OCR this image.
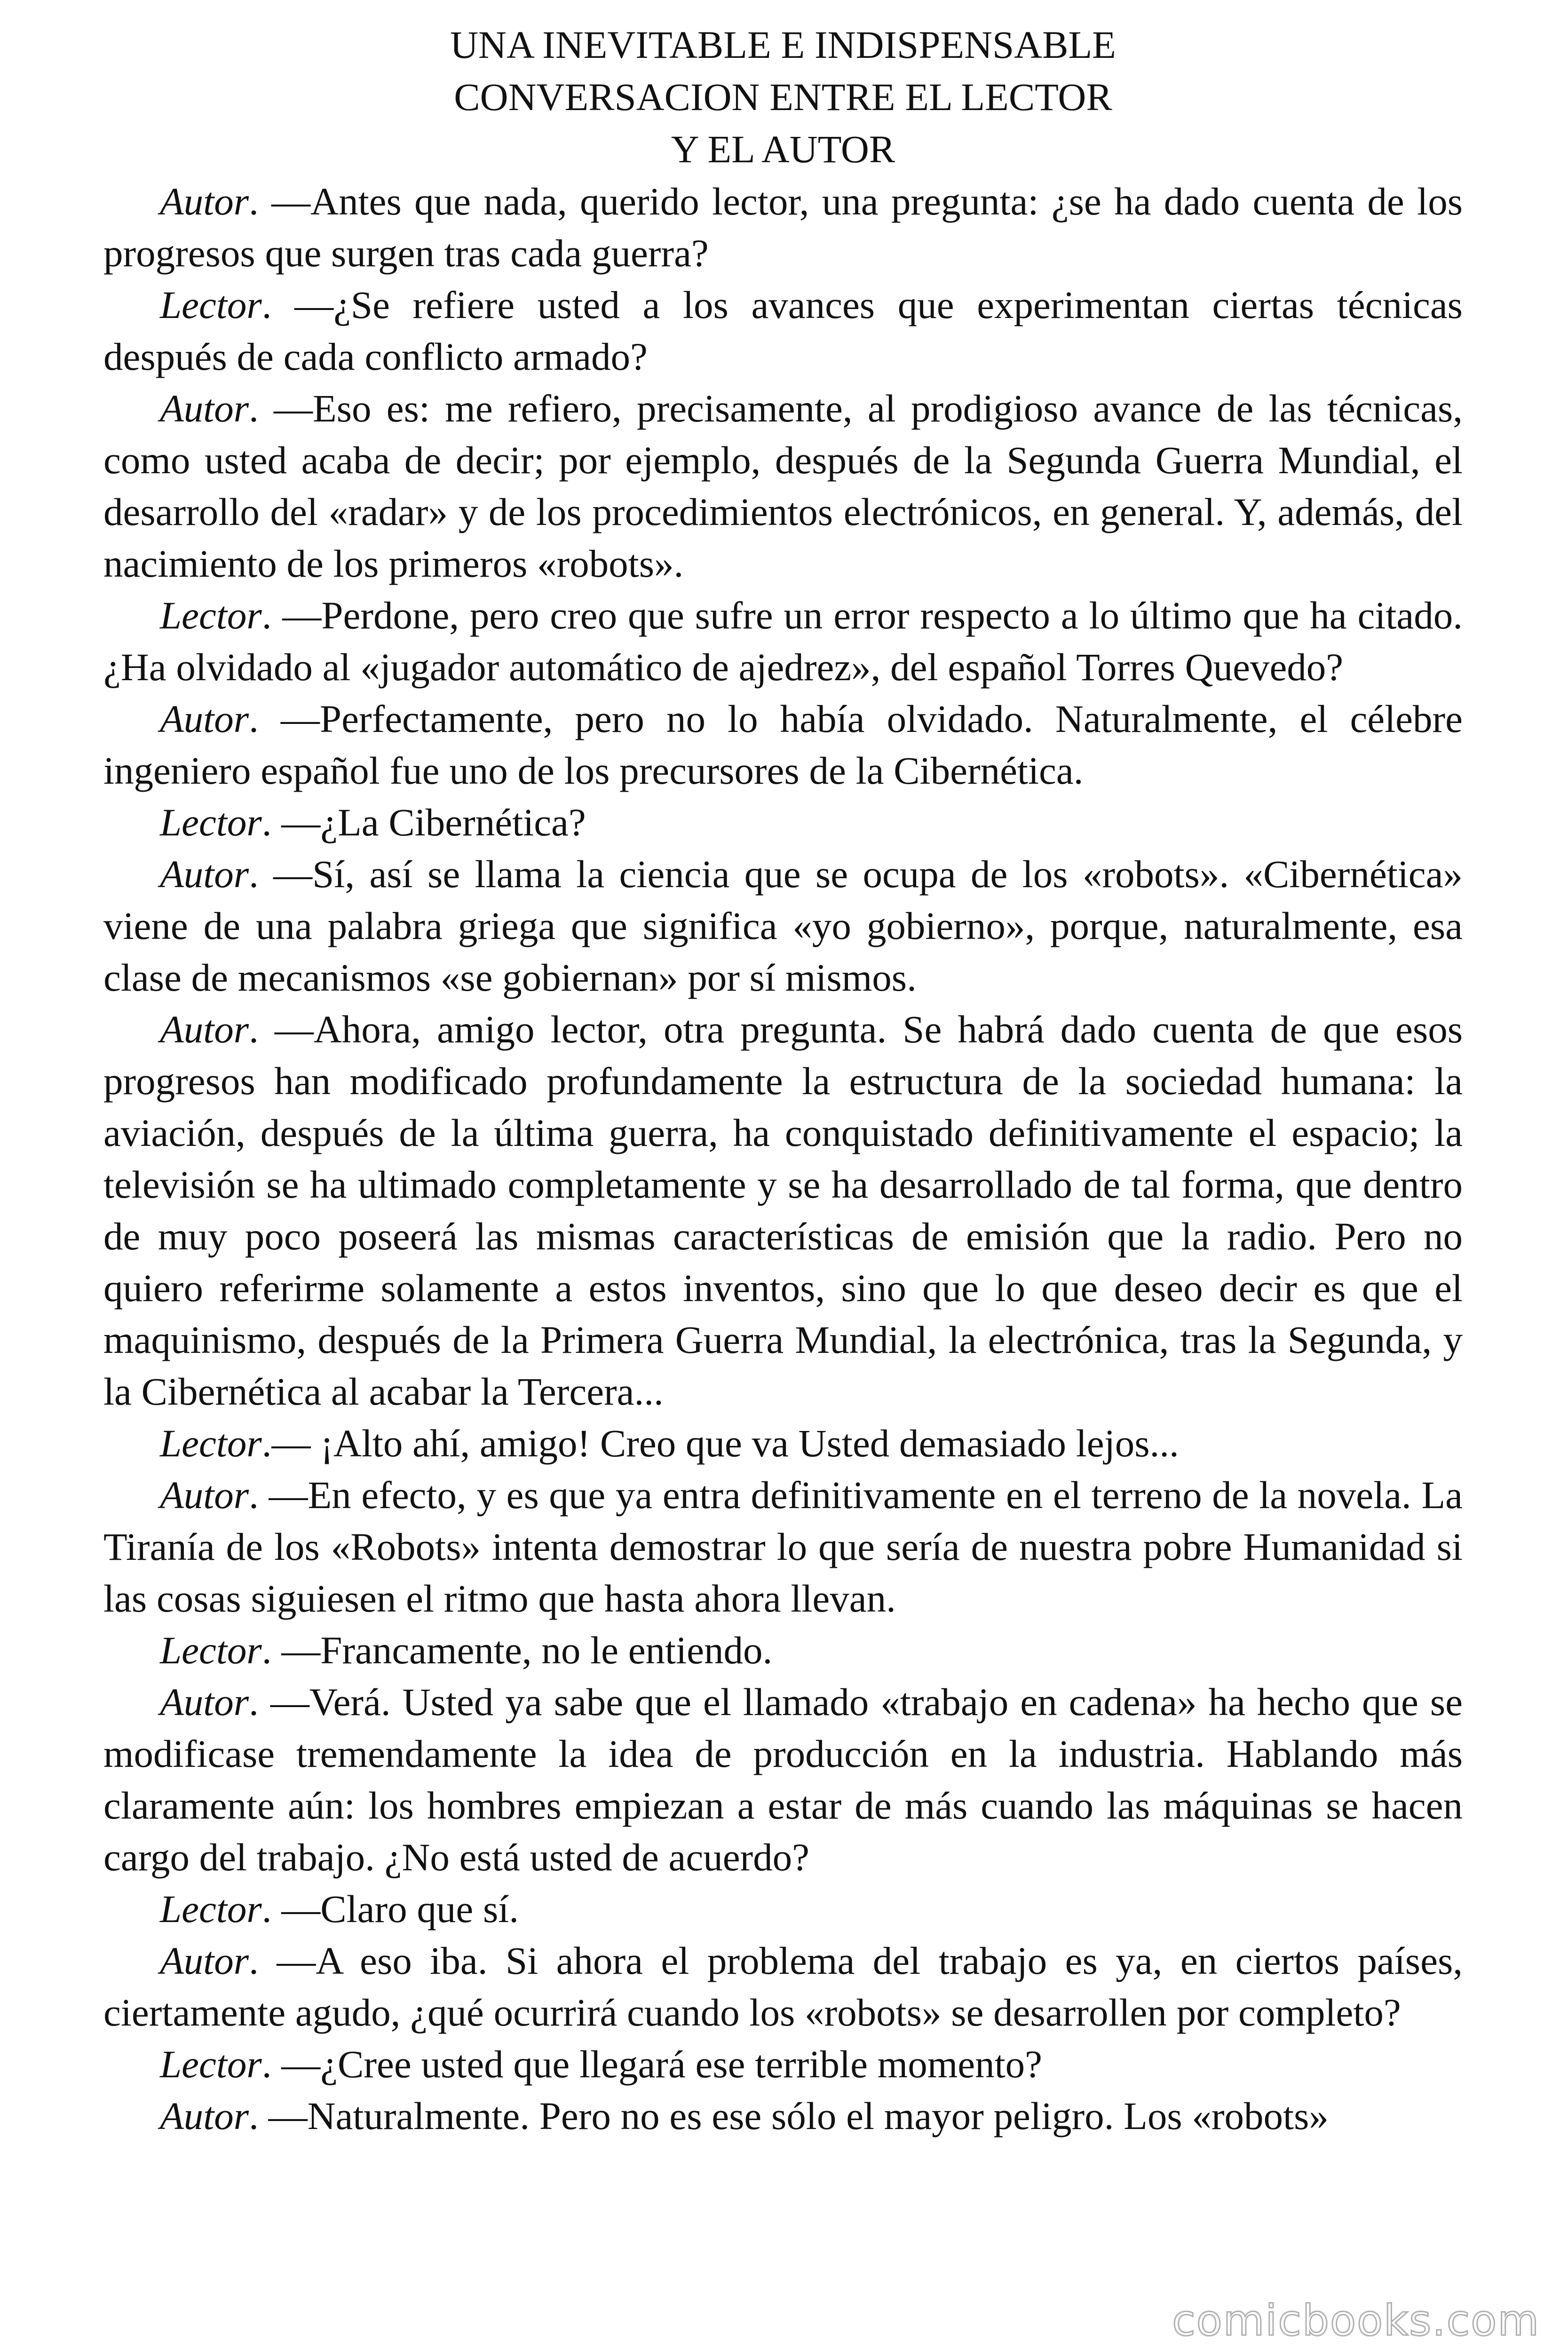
UNA INEVITABLE E INDISPENSABLE
CONVERSACION ENTRE EL LECTOR
Y EL AUTOR

Autor. —Antes que nada, querido lector, una pregunta: ¿se ha dado cuenta de los progresos que surgen tras cada guerra?

Lector. —¿Se refiere usted a los avances que experimentan ciertas técnicas después de cada conflicto armado?

Autor. —Eso es: me refiero, precisamente, al prodigioso avance de las técnicas, como usted acaba de decir; por ejemplo, después de la Segunda Guerra Mundial, el desarrollo del «radar» y de los procedimientos electrónicos, en general. Y, además, del nacimiento de los primeros «robots».

Lector. —Perdone, pero creo que sufre un error respecto a lo último que ha citado. ¿Ha olvidado al «jugador automático de ajedrez», del español Torres Quevedo?

Autor. —Perfectamente, pero no lo había olvidado. Naturalmente, el célebre ingeniero español fue uno de los precursores de la Cibernética.

Lector. —¿La Cibernética?

Autor. —Sí, así se llama la ciencia que se ocupa de los «robots». «Cibernética» viene de una palabra griega que significa «yo gobierno», porque, naturalmente, esa clase de mecanismos «se gobiernan» por sí mismos.

Autor. —Ahora, amigo lector, otra pregunta. Se habrá dado cuenta de que esos progresos han modificado profundamente la estructura de la sociedad humana: la aviación, después de la última guerra, ha conquistado definitivamente el espacio; la televisión se ha ultimado completamente y se ha desarrollado de tal forma, que dentro de muy poco poseerá las mismas características de emisión que la radio. Pero no quiero referirme solamente a estos inventos, sino que lo que deseo decir es que el maquinismo, después de la Primera Guerra Mundial, la electrónica, tras la Segunda, y la Cibernética al acabar la Tercera...

Lector.— ¡Alto ahí, amigo! Creo que va Usted demasiado lejos...

Autor. —En efecto, y es que ya entra definitivamente en el terreno de la novela. La Tiranía de los «Robots» intenta demostrar lo que sería de nuestra pobre Humanidad si las cosas siguiesen el ritmo que hasta ahora llevan.

Lector. —Francamente, no le entiendo.

Autor. —Verá. Usted ya sabe que el llamado «trabajo en cadena» ha hecho que se modificase tremendamente la idea de producción en la industria. Hablando más claramente aún: los hombres empiezan a estar de más cuando las máquinas se hacen cargo del trabajo. ¿No está usted de acuerdo?

Lector. —Claro que sí.

Autor. —A eso iba. Si ahora el problema del trabajo es ya, en ciertos países, ciertamente agudo, ¿qué ocurrirá cuando los «robots» se desarrollen por completo?

Lector. —¿Cree usted que llegará ese terrible momento?

Autor. —Naturalmente. Pero no es ese sólo el mayor peligro. Los «robots»

comicbooks.com
